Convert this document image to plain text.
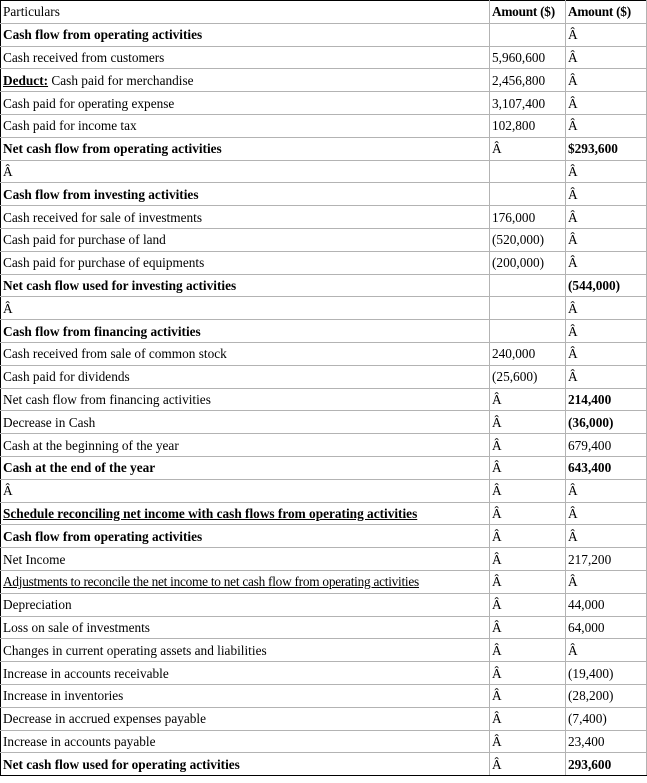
Particulars	Amount ($)	Amount ($)
Cash flow from operating activities		Â
Cash received from customers	5,960,600	Â
Deduct: Cash paid for merchandise	2,456,800	Â
Cash paid for operating expense	3,107,400	Â
Cash paid for income tax	102,800	Â
Net cash flow from operating activities	Â	$293,600
Â		Â
Cash flow from investing activities		Â
Cash received for sale of investments	176,000	Â
Cash paid for purchase of land	(520,000)	Â
Cash paid for purchase of equipments	(200,000)	Â
Net cash flow used for investing activities		(544,000)
Â		Â
Cash flow from financing activities		Â
Cash received from sale of common stock	240,000	Â
Cash paid for dividends	(25,600)	Â
Net cash flow from financing activities	Â	214,400
Decrease in Cash	Â	(36,000)
Cash at the beginning of the year	Â	679,400
Cash at the end of the year	Â	643,400
Â	Â	Â
Schedule reconciling net income with cash flows from operating activities	Â	Â
Cash flow from operating activities	Â	Â
Net Income	Â	217,200
Adjustments to reconcile the net income to net cash flow from operating activities	Â	Â
Depreciation	Â	44,000
Loss on sale of investments	Â	64,000
Changes in current operating assets and liabilities	Â	Â
Increase in accounts receivable	Â	(19,400)
Increase in inventories	Â	(28,200)
Decrease in accrued expenses payable	Â	(7,400)
Increase in accounts payable	Â	23,400
Net cash flow used for operating activities	Â	293,600
